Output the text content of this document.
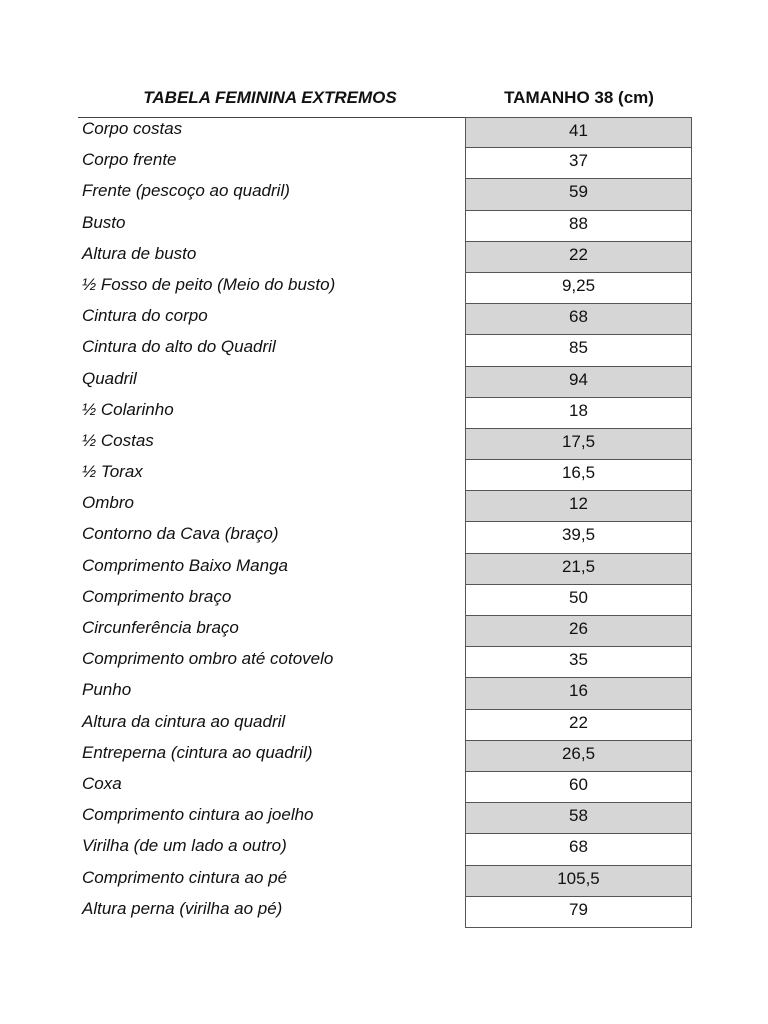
TABELA FEMININA EXTREMOS	TAMANHO 38 (cm)
Corpo costas	41
Corpo frente	37
Frente (pescoço ao quadril)	59
Busto	88
Altura de busto	22
½ Fosso de peito (Meio do busto)	9,25
Cintura do corpo	68
Cintura do alto do Quadril	85
Quadril	94
½ Colarinho	18
½ Costas	17,5
½ Torax	16,5
Ombro	12
Contorno da Cava (braço)	39,5
Comprimento Baixo Manga	21,5
Comprimento braço	50
Circunferência braço	26
Comprimento ombro até cotovelo	35
Punho	16
Altura da cintura ao quadril	22
Entreperna (cintura ao quadril)	26,5
Coxa	60
Comprimento cintura ao joelho	58
Virilha (de um lado a outro)	68
Comprimento cintura ao pé	105,5
Altura perna (virilha ao pé)	79
